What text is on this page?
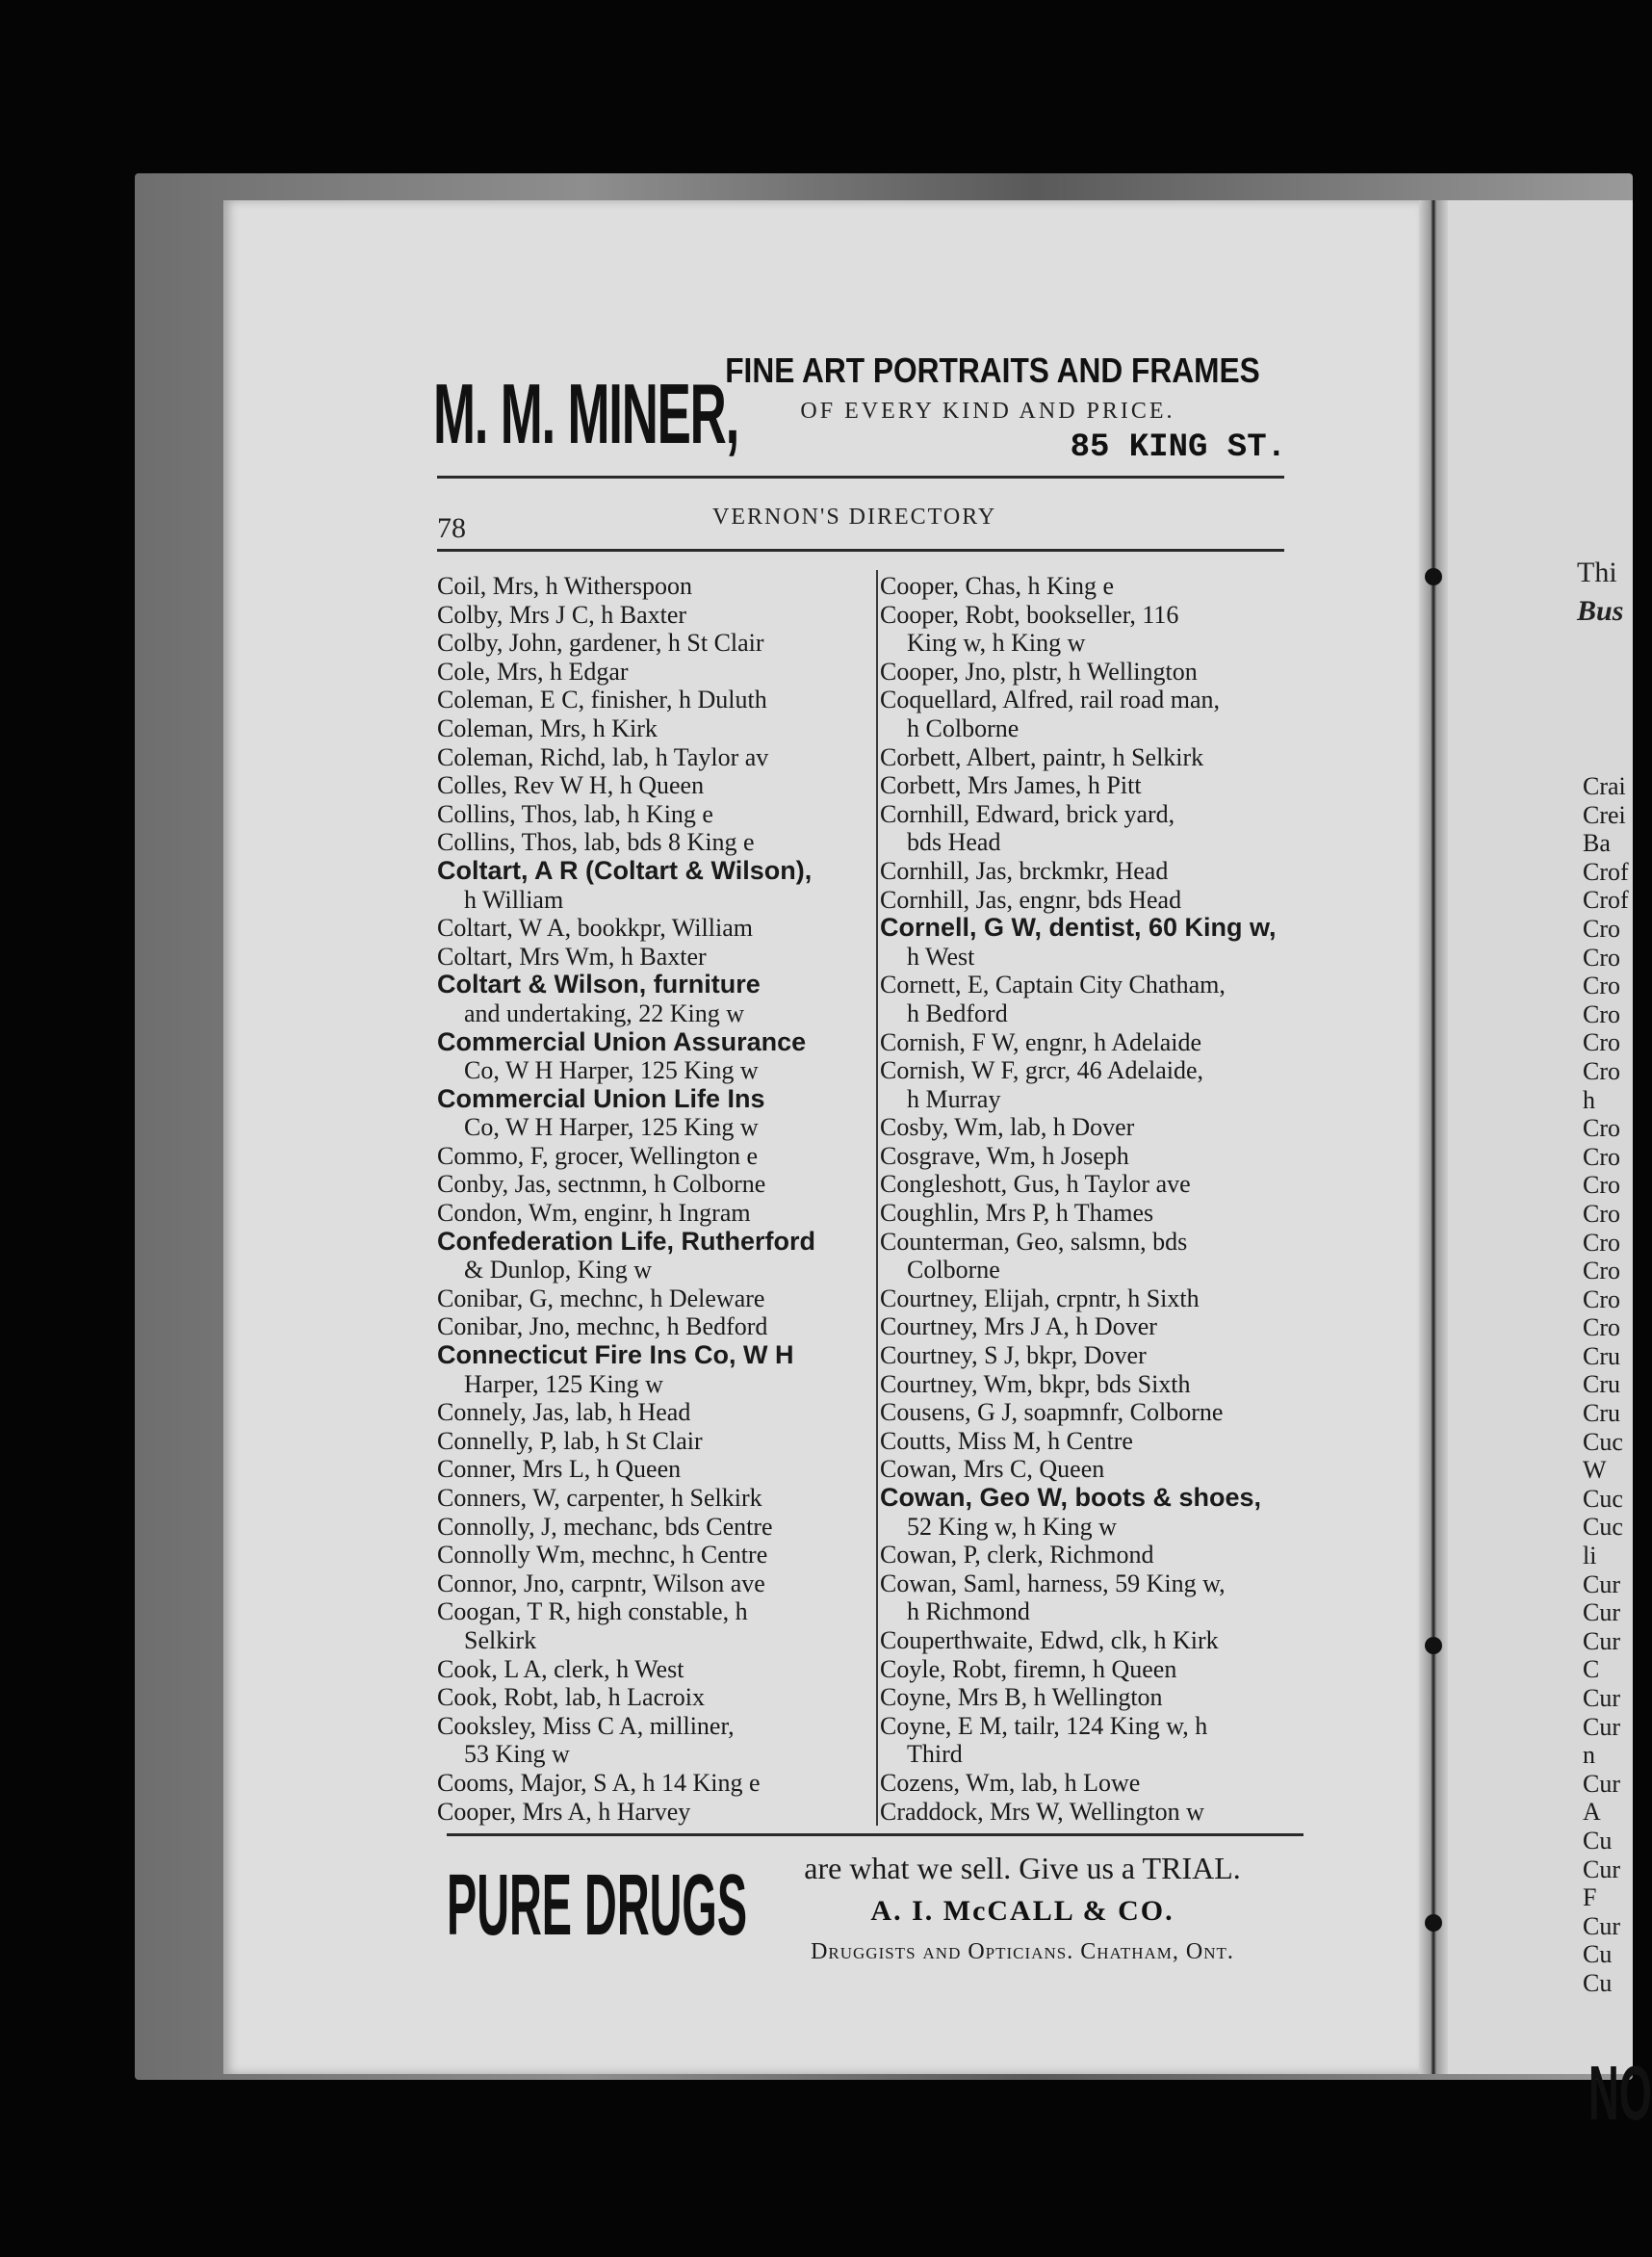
Thi
Bus
Crai
Crei
Ba
Crof
Crof
Cro
Cro
Cro
Cro
Cro
Cro
h
Cro
Cro
Cro
Cro
Cro
Cro
Cro
Cro
Cru
Cru
Cru
Cuc
W
Cuc
Cuc
li
Cur
Cur
Cur
C
Cur
Cur
n
Cur
A
Cu
Cur
F
Cur
Cu
Cu
NO
M. M. MINER,
FINE ART PORTRAITS AND FRAMES
OF EVERY KIND AND PRICE.
85 KING ST.
78	VERNON'S DIRECTORY
Coil, Mrs, h Witherspoon
Colby, Mrs J C, h Baxter
Colby, John, gardener, h St Clair
Cole, Mrs, h Edgar
Coleman, E C, finisher, h Duluth
Coleman, Mrs, h Kirk
Coleman, Richd, lab, h Taylor av
Colles, Rev W H, h Queen
Collins, Thos, lab, h King e
Collins, Thos, lab, bds 8 King e
Coltart, A R (Coltart & Wilson),
h William
Coltart, W A, bookkpr, William
Coltart, Mrs Wm, h Baxter
Coltart & Wilson, furniture
and undertaking, 22 King w
Commercial Union Assurance
Co, W H Harper, 125 King w
Commercial Union Life Ins
Co, W H Harper, 125 King w
Commo, F, grocer, Wellington e
Conby, Jas, sectnmn, h Colborne
Condon, Wm, enginr, h Ingram
Confederation Life, Rutherford
& Dunlop, King w
Conibar, G, mechnc, h Deleware
Conibar, Jno, mechnc, h Bedford
Connecticut Fire Ins Co, W H
Harper, 125 King w
Connely, Jas, lab, h Head
Connelly, P, lab, h St Clair
Conner, Mrs L, h Queen
Conners, W, carpenter, h Selkirk
Connolly, J, mechanc, bds Centre
Connolly Wm, mechnc, h Centre
Connor, Jno, carpntr, Wilson ave
Coogan, T R, high constable, h
Selkirk
Cook, L A, clerk, h West
Cook, Robt, lab, h Lacroix
Cooksley, Miss C A, milliner,
53 King w
Cooms, Major, S A, h 14 King e
Cooper, Mrs A, h Harvey
Cooper, Chas, h King e
Cooper, Robt, bookseller, 116
King w, h King w
Cooper, Jno, plstr, h Wellington
Coquellard, Alfred, rail road man,
h Colborne
Corbett, Albert, paintr, h Selkirk
Corbett, Mrs James, h Pitt
Cornhill, Edward, brick yard,
bds Head
Cornhill, Jas, brckmkr, Head
Cornhill, Jas, engnr, bds Head
Cornell, G W, dentist, 60 King w,
h West
Cornett, E, Captain City Chatham,
h Bedford
Cornish, F W, engnr, h Adelaide
Cornish, W F, grcr, 46 Adelaide,
h Murray
Cosby, Wm, lab, h Dover
Cosgrave, Wm, h Joseph
Congleshott, Gus, h Taylor ave
Coughlin, Mrs P, h Thames
Counterman, Geo, salsmn, bds
Colborne
Courtney, Elijah, crpntr, h Sixth
Courtney, Mrs J A, h Dover
Courtney, S J, bkpr, Dover
Courtney, Wm, bkpr, bds Sixth
Cousens, G J, soapmnfr, Colborne
Coutts, Miss M, h Centre
Cowan, Mrs C, Queen
Cowan, Geo W, boots & shoes,
52 King w, h King w
Cowan, P, clerk, Richmond
Cowan, Saml, harness, 59 King w,
h Richmond
Couperthwaite, Edwd, clk, h Kirk
Coyle, Robt, firemn, h Queen
Coyne, Mrs B, h Wellington
Coyne, E M, tailr, 124 King w, h
Third
Cozens, Wm, lab, h Lowe
Craddock, Mrs W, Wellington w
PURE DRUGS	are what we sell. Give us a TRIAL.
A. I. McCALL & CO.
Druggists and Opticians. Chatham, Ont.
